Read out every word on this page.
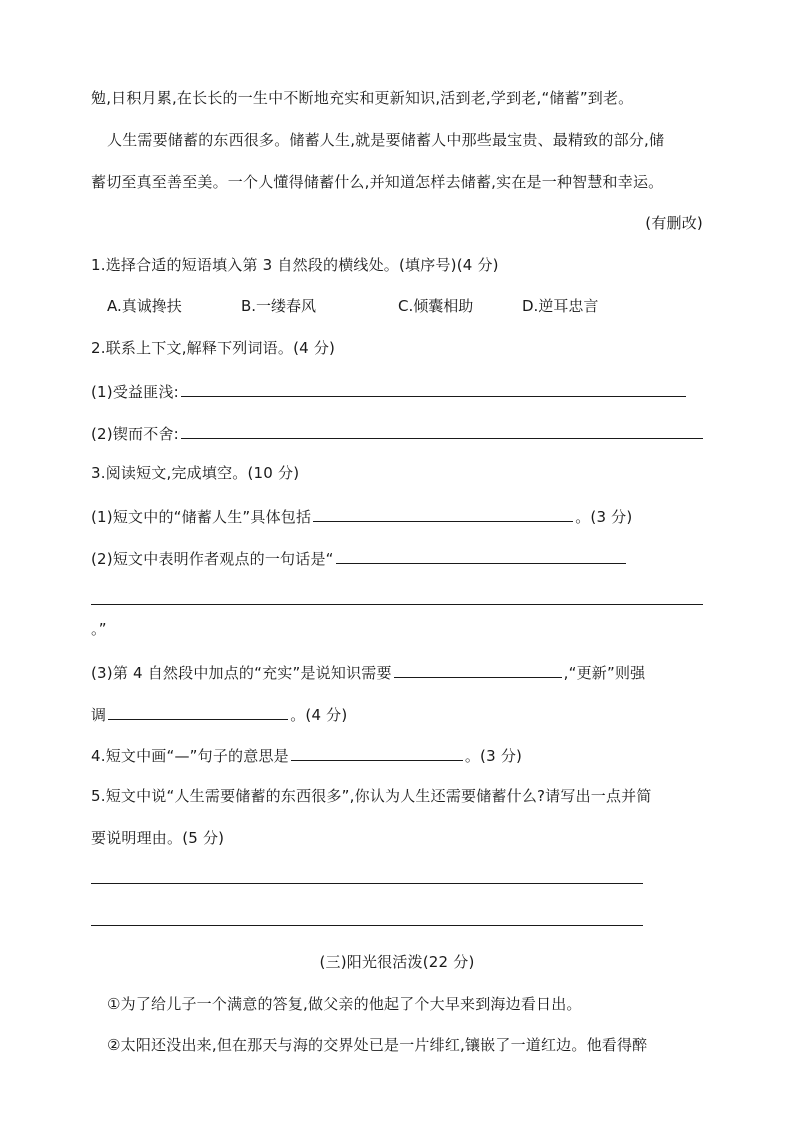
勉,日积月累,在长长的一生中不断地充实和更新知识,活到老,学到老,“储蓄”到老。
人生需要储蓄的东西很多。储蓄人生,就是要储蓄人中那些最宝贵、最精致的部分,储
蓄切至真至善至美。一个人懂得储蓄什么,并知道怎样去储蓄,实在是一种智慧和幸运。
(有删改)
1.选择合适的短语填入第 3 自然段的横线处。(填序号)(4 分)
A.真诚搀扶	B.一缕春风	C.倾囊相助	D.逆耳忠言
2.联系上下文,解释下列词语。(4 分)
(1)受益匪浅:
(2)锲而不舍:
3.阅读短文,完成填空。(10 分)
(1)短文中的“储蓄人生”具体包括	。(3 分)
(2)短文中表明作者观点的一句话是“
。”
(3)第 4 自然段中加点的“充实”是说知识需要	,“更新”则强
调	。(4 分)
4.短文中画“—”句子的意思是	。(3 分)
5.短文中说“人生需要储蓄的东西很多”,你认为人生还需要储蓄什么?请写出一点并简
要说明理由。(5 分)
(三)阳光很活泼(22 分)
①为了给儿子一个满意的答复,做父亲的他起了个大早来到海边看日出。
②太阳还没出来,但在那天与海的交界处已是一片绯红,镶嵌了一道红边。他看得醉
